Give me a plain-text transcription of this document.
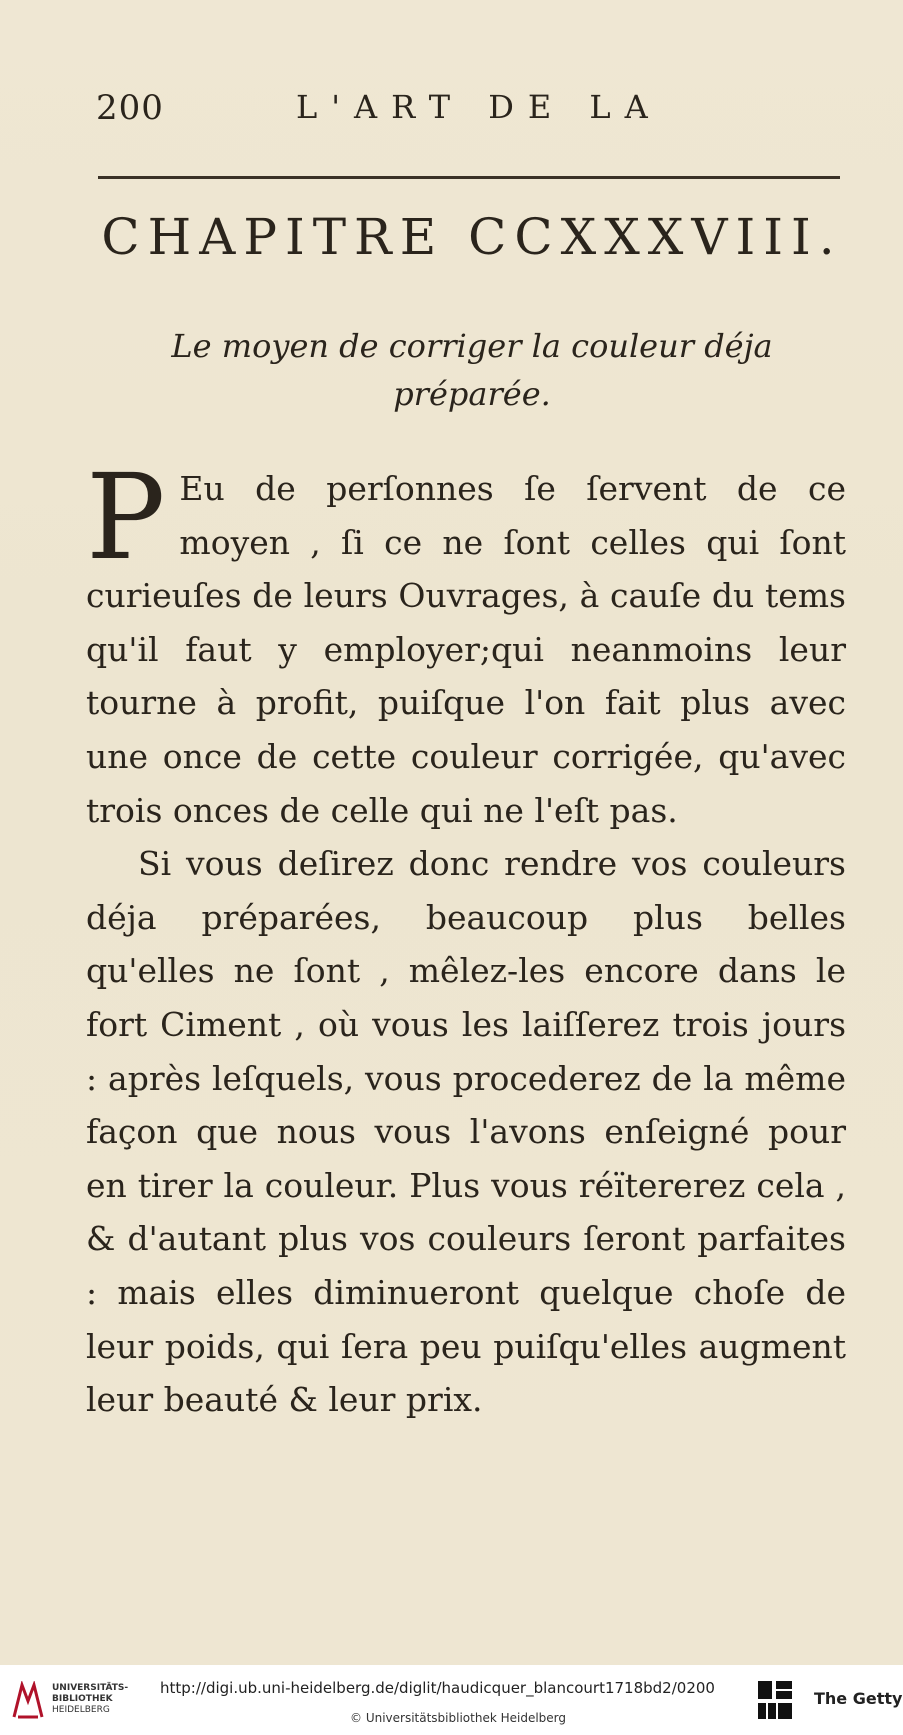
200	L'ART DE LA
CHAPITRE CCXXXVIII.
Le moyen de corriger la couleur déja préparée.

P Eu de perſonnes ſe ſervent de ce moyen , ſi ce ne ſont celles qui ſont curieuſes de leurs Ouvrages, à cauſe du tems qu'il faut y employer;qui neanmoins leur tourne à profit, puiſque l'on fait plus avec une once de cette couleur corrigée, qu'avec trois onces de celle qui ne l'eſt pas.

Si vous deſirez donc rendre vos couleurs déja préparées, beaucoup plus belles qu'elles ne ſont , mêlez-les encore dans le fort Ciment , où vous les laiſſerez trois jours : après leſquels, vous procederez de la même façon que nous vous l'avons enſeigné pour en tirer la couleur. Plus vous réïtererez cela , & d'autant plus vos couleurs ſeront parfaites : mais elles diminueront quelque choſe de leur poids, qui ſera peu puiſqu'elles augment leur beauté & leur prix.

UNIVERSITÄTS-
BIBLIOTHEK
HEIDELBERG
http://digi.ub.uni-heidelberg.de/diglit/haudicquer_blancourt1718bd2/0200
© Universitätsbibliothek Heidelberg
The Getty
